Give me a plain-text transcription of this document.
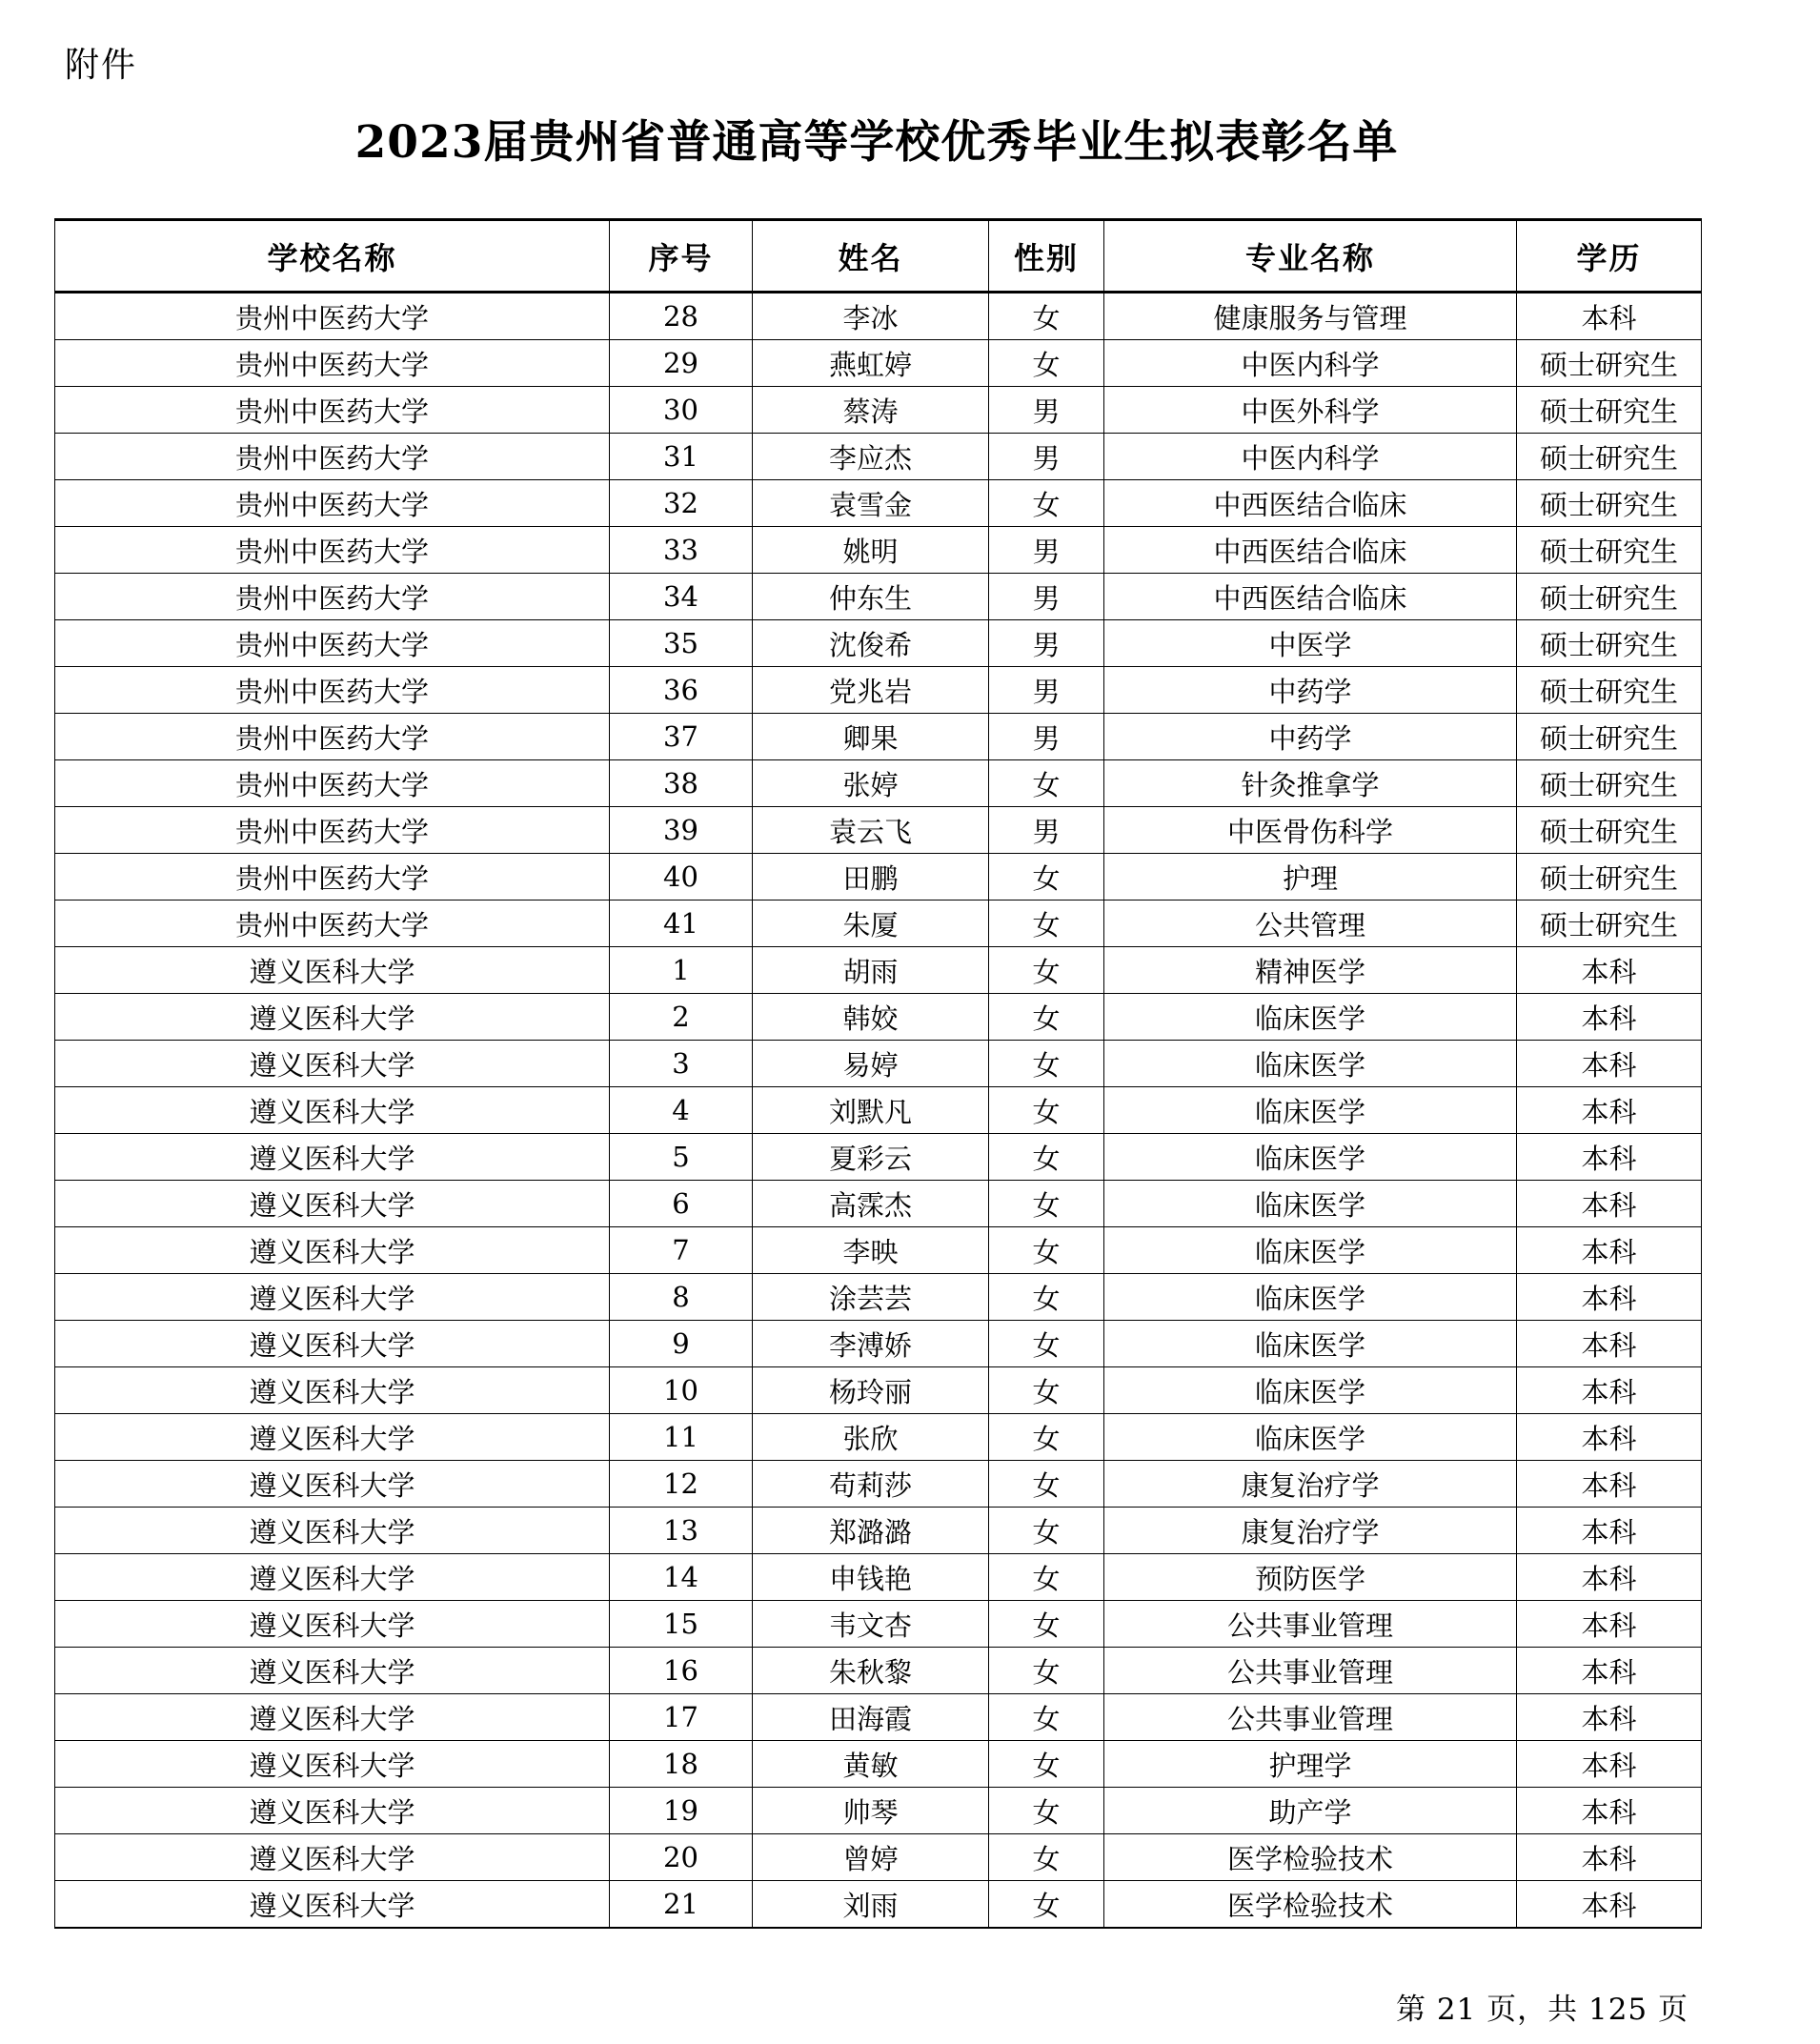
附件
2023届贵州省普通高等学校优秀毕业生拟表彰名单
学校名称	序号	姓名	性别	专业名称	学历
贵州中医药大学	28	李冰	女	健康服务与管理	本科
贵州中医药大学	29	燕虹婷	女	中医内科学	硕士研究生
贵州中医药大学	30	蔡涛	男	中医外科学	硕士研究生
贵州中医药大学	31	李应杰	男	中医内科学	硕士研究生
贵州中医药大学	32	袁雪金	女	中西医结合临床	硕士研究生
贵州中医药大学	33	姚明	男	中西医结合临床	硕士研究生
贵州中医药大学	34	仲东生	男	中西医结合临床	硕士研究生
贵州中医药大学	35	沈俊希	男	中医学	硕士研究生
贵州中医药大学	36	党兆岩	男	中药学	硕士研究生
贵州中医药大学	37	卿果	男	中药学	硕士研究生
贵州中医药大学	38	张婷	女	针灸推拿学	硕士研究生
贵州中医药大学	39	袁云飞	男	中医骨伤科学	硕士研究生
贵州中医药大学	40	田鹏	女	护理	硕士研究生
贵州中医药大学	41	朱厦	女	公共管理	硕士研究生
遵义医科大学	1	胡雨	女	精神医学	本科
遵义医科大学	2	韩姣	女	临床医学	本科
遵义医科大学	3	易婷	女	临床医学	本科
遵义医科大学	4	刘默凡	女	临床医学	本科
遵义医科大学	5	夏彩云	女	临床医学	本科
遵义医科大学	6	高霂杰	女	临床医学	本科
遵义医科大学	7	李映	女	临床医学	本科
遵义医科大学	8	涂芸芸	女	临床医学	本科
遵义医科大学	9	李溥娇	女	临床医学	本科
遵义医科大学	10	杨玲丽	女	临床医学	本科
遵义医科大学	11	张欣	女	临床医学	本科
遵义医科大学	12	苟莉莎	女	康复治疗学	本科
遵义医科大学	13	郑潞潞	女	康复治疗学	本科
遵义医科大学	14	申钱艳	女	预防医学	本科
遵义医科大学	15	韦文杏	女	公共事业管理	本科
遵义医科大学	16	朱秋黎	女	公共事业管理	本科
遵义医科大学	17	田海霞	女	公共事业管理	本科
遵义医科大学	18	黄敏	女	护理学	本科
遵义医科大学	19	帅琴	女	助产学	本科
遵义医科大学	20	曾婷	女	医学检验技术	本科
遵义医科大学	21	刘雨	女	医学检验技术	本科
第 21 页，共 125 页
